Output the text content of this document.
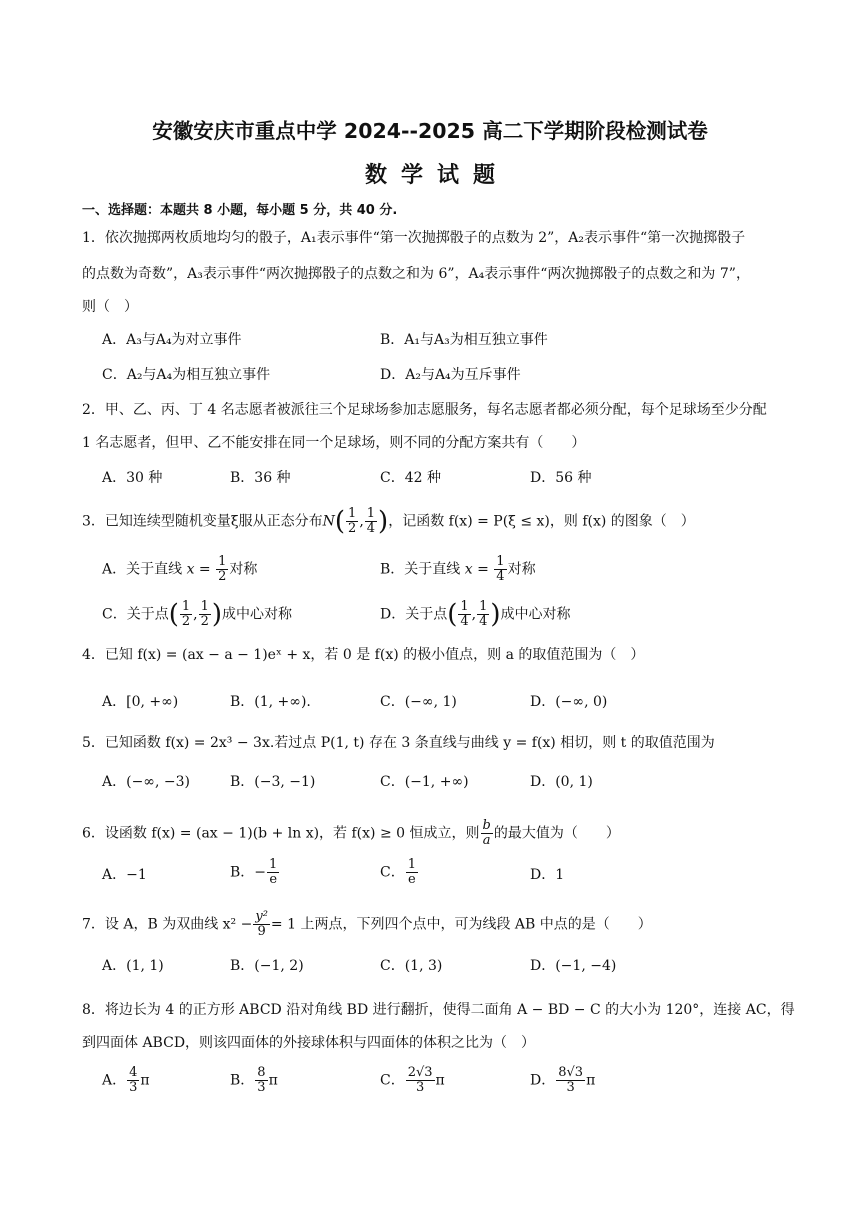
安徽安庆市重点中学 2024--2025 高二下学期阶段检测试卷
数学试题
一、选择题：本题共 8 小题，每小题 5 分，共 40 分.
1．依次抛掷两枚质地均匀的骰子，A₁表示事件“第一次抛掷骰子的点数为 2”，A₂表示事件“第一次抛掷骰子
的点数为奇数”，A₃表示事件“两次抛掷骰子的点数之和为 6”，A₄表示事件“两次抛掷骰子的点数之和为 7”，
则（　）
A．A₃与A₄为对立事件	B．A₁与A₃为相互独立事件
C．A₂与A₄为相互独立事件	D．A₂与A₄为互斥事件
2．甲、乙、丙、丁 4 名志愿者被派往三个足球场参加志愿服务，每名志愿者都必须分配，每个足球场至少分配
1 名志愿者，但甲、乙不能安排在同一个足球场，则不同的分配方案共有（　　）
A．30 种	B．36 种	C．42 种	D．56 种
3．已知连续型随机变量ξ服从正态分布$N( \frac{1}{2}$ , $\frac{1}{4}$ )，记函数 f(x) = P(ξ ≤ x)，则 f(x) 的图象（　）
A．关于直线 $x = \frac{1}{2}$ 对称	B．关于直线 $x = \frac{1}{4}$ 对称
C．关于点( $\frac{1}{2}$ , $\frac{1}{2}$ )成中心对称	D．关于点( $\frac{1}{4}$ , $\frac{1}{4}$ )成中心对称
4．已知 f(x) = (ax − a − 1)eˣ + x，若 0 是 f(x) 的极小值点，则 a 的取值范围为（　）
A．[0, +∞)	B．(1, +∞).	C．(−∞, 1)	D．(−∞, 0)
5．已知函数 f(x) = 2x³ − 3x.若过点 P(1, t) 存在 3 条直线与曲线 y = f(x) 相切，则 t 的取值范围为
A．(−∞, −3)	B．(−3, −1)	C．(−1, +∞)	D．(0, 1)
6．设函数 f(x) = (ax − 1)(b + ln x)，若 f(x) ≥ 0 恒成立，则 $\frac{b}{a}$ 的最大值为（　　）
A．−1	B．− $\frac{1}{e}$	C． $\frac{1}{e}$	D．1
7．设 A，B 为双曲线 $x^2 - \frac{\text{y²}}{9} = 1$ 上两点，下列四个点中，可为线段 AB 中点的是（　　）
A．(1, 1)	B．(−1, 2)	C．(1, 3)	D．(−1, −4)
8．将边长为 4 的正方形 ABCD 沿对角线 BD 进行翻折，使得二面角 A − BD − C 的大小为 120°，连接 AC，得
到四面体 ABCD，则该四面体的外接球体积与四面体的体积之比为（　）
A． $\frac{4}{3}$ π	B． $\frac{8}{3}$ π	C． $\frac{2√3}{3}$ π	D． $\frac{8√3}{3}$ π
